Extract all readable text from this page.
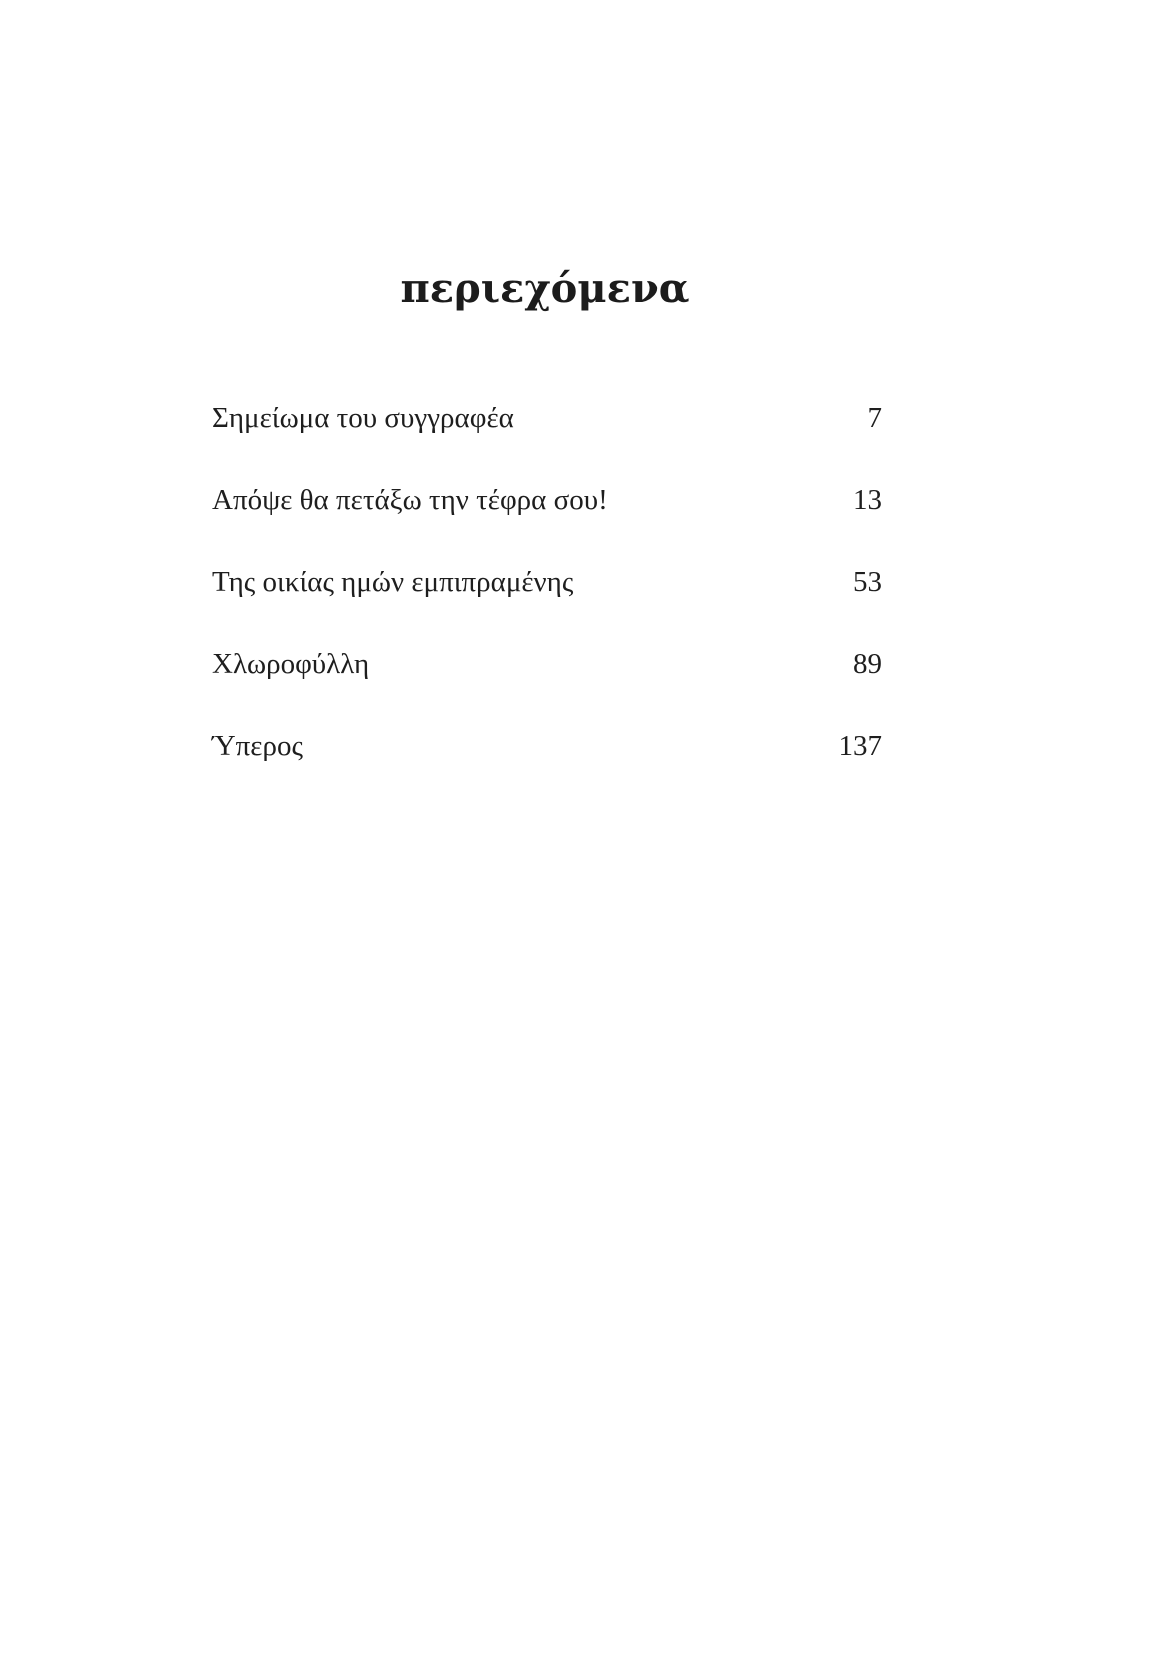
περιεχόμενα
Σημείωμα του συγγραφέα	7
Απόψε θα πετάξω την τέφρα σου!	13
Της οικίας ημών εμπιπραμένης	53
Χλωροφύλλη	89
Ύπερος	137
